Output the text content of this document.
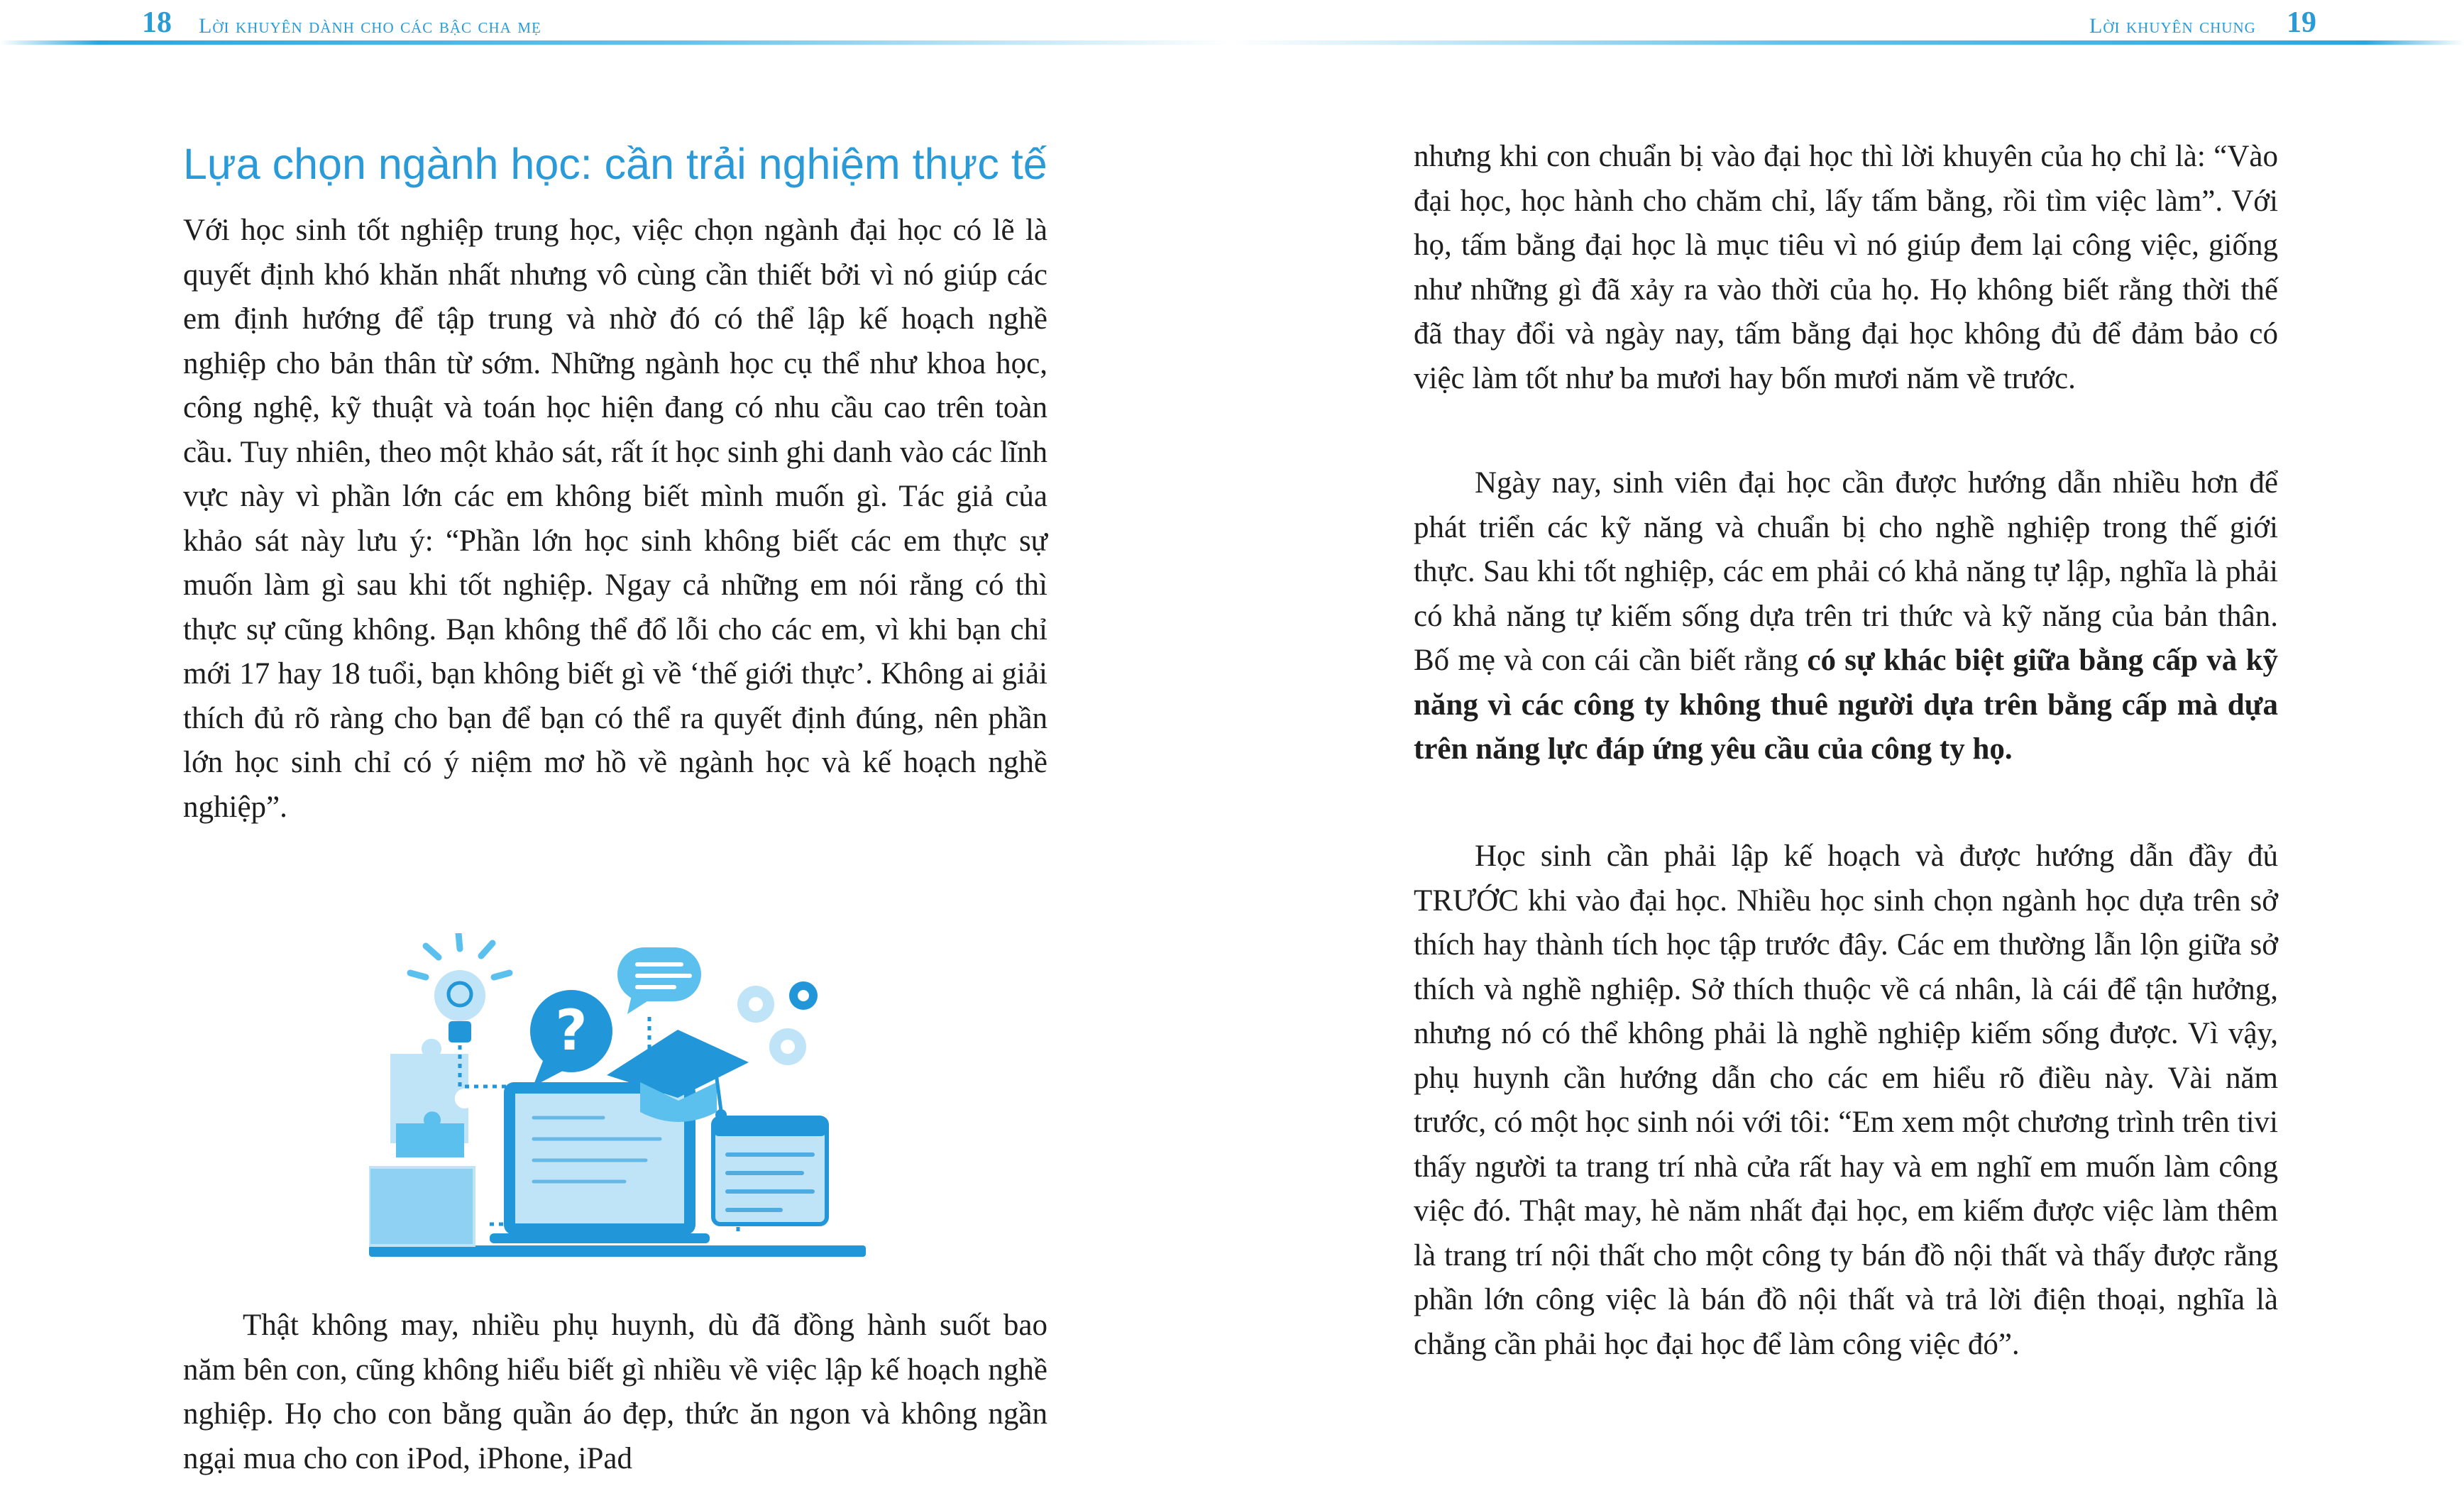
18 Lời khuyên dành cho các bậc cha mẹ	Lời khuyên chung 19
Lựa chọn ngành học: cần trải nghiệm thực tế

Với học sinh tốt nghiệp trung học, việc chọn ngành đại học có lẽ là quyết định khó khăn nhất nhưng vô cùng cần thiết bởi vì nó giúp các em định hướng để tập trung và nhờ đó có thể lập kế hoạch nghề nghiệp cho bản thân từ sớm. Những ngành học cụ thể như khoa học, công nghệ, kỹ thuật và toán học hiện đang có nhu cầu cao trên toàn cầu. Tuy nhiên, theo một khảo sát, rất ít học sinh ghi danh vào các lĩnh vực này vì phần lớn các em không biết mình muốn gì. Tác giả của khảo sát này lưu ý: “Phần lớn học sinh không biết các em thực sự muốn làm gì sau khi tốt nghiệp. Ngay cả những em nói rằng có thì thực sự cũng không. Bạn không thể đổ lỗi cho các em, vì khi bạn chỉ mới 17 hay 18 tuổi, bạn không biết gì về ‘thế giới thực’. Không ai giải thích đủ rõ ràng cho bạn để bạn có thể ra quyết định đúng, nên phần lớn học sinh chỉ có ý niệm mơ hồ về ngành học và kế hoạch nghề nghiệp”.

?

Thật không may, nhiều phụ huynh, dù đã đồng hành suốt bao năm bên con, cũng không hiểu biết gì nhiều về việc lập kế hoạch nghề nghiệp. Họ cho con bằng quần áo đẹp, thức ăn ngon và không ngần ngại mua cho con iPod, iPhone, iPad

nhưng khi con chuẩn bị vào đại học thì lời khuyên của họ chỉ là: “Vào đại học, học hành cho chăm chỉ, lấy tấm bằng, rồi tìm việc làm”. Với họ, tấm bằng đại học là mục tiêu vì nó giúp đem lại công việc, giống như những gì đã xảy ra vào thời của họ. Họ không biết rằng thời thế đã thay đổi và ngày nay, tấm bằng đại học không đủ để đảm bảo có việc làm tốt như ba mươi hay bốn mươi năm về trước.

Ngày nay, sinh viên đại học cần được hướng dẫn nhiều hơn để phát triển các kỹ năng và chuẩn bị cho nghề nghiệp trong thế giới thực. Sau khi tốt nghiệp, các em phải có khả năng tự lập, nghĩa là phải có khả năng tự kiếm sống dựa trên tri thức và kỹ năng của bản thân. Bố mẹ và con cái cần biết rằng có sự khác biệt giữa bằng cấp và kỹ năng vì các công ty không thuê người dựa trên bằng cấp mà dựa trên năng lực đáp ứng yêu cầu của công ty họ.

Học sinh cần phải lập kế hoạch và được hướng dẫn đầy đủ TRƯỚC khi vào đại học. Nhiều học sinh chọn ngành học dựa trên sở thích hay thành tích học tập trước đây. Các em thường lẫn lộn giữa sở thích và nghề nghiệp. Sở thích thuộc về cá nhân, là cái để tận hưởng, nhưng nó có thể không phải là nghề nghiệp kiếm sống được. Vì vậy, phụ huynh cần hướng dẫn cho các em hiểu rõ điều này. Vài năm trước, có một học sinh nói với tôi: “Em xem một chương trình trên tivi thấy người ta trang trí nhà cửa rất hay và em nghĩ em muốn làm công việc đó. Thật may, hè năm nhất đại học, em kiếm được việc làm thêm là trang trí nội thất cho một công ty bán đồ nội thất và thấy được rằng phần lớn công việc là bán đồ nội thất và trả lời điện thoại, nghĩa là chẳng cần phải học đại học để làm công việc đó”.
